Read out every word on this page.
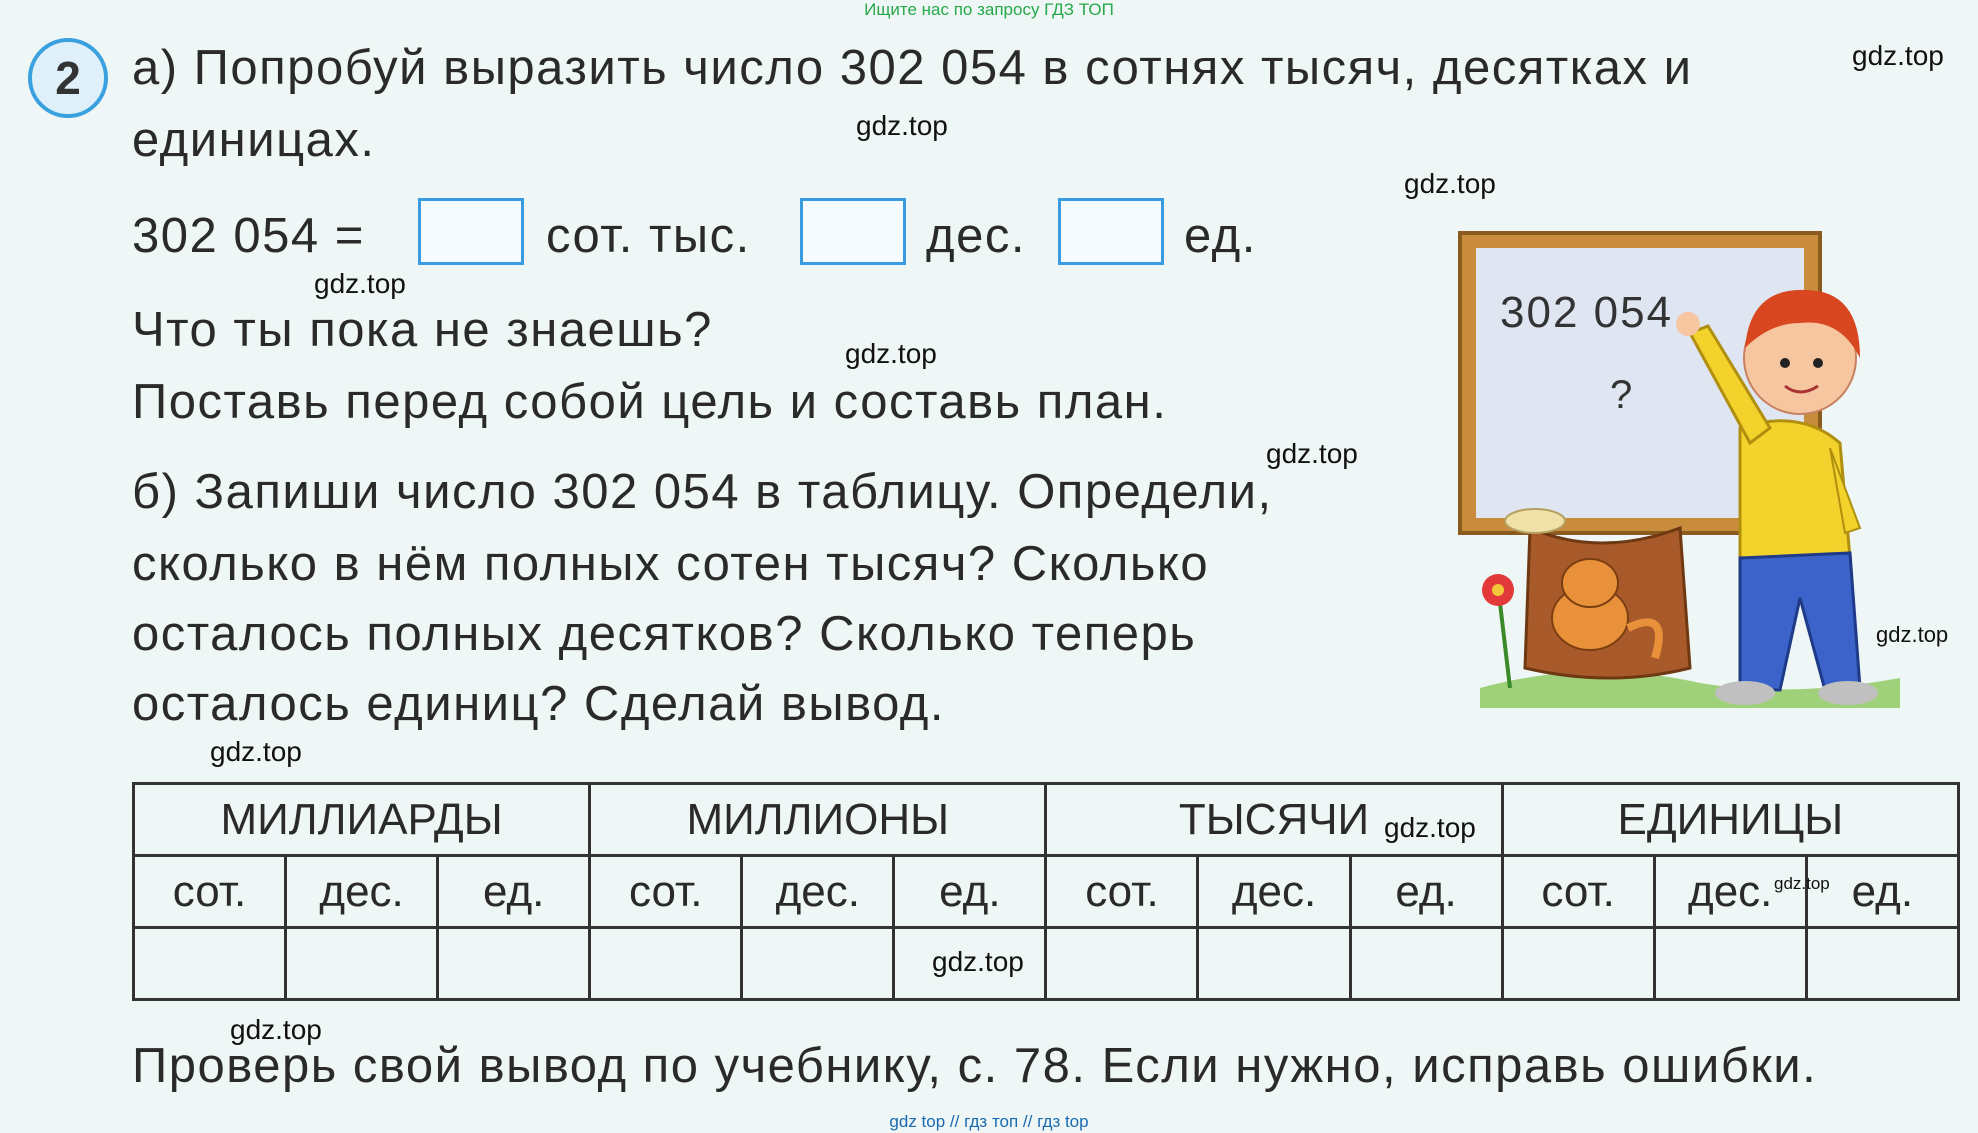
Ищите нас по запросу ГДЗ ТОП
2 а) Попробуй выразить число 302 054 в сотнях тысяч, десятках и
единицах.
302 054 =	сот. тыс.	дес.	ед.
Что ты пока не знаешь?
Поставь перед собой цель и составь план.
б) Запиши число 302 054 в таблицу. Определи,
сколько в нём полных сотен тысяч? Сколько
осталось полных десятков? Сколько теперь
осталось единиц? Сделай вывод.
302 054
?
МИЛЛИАРДЫ			МИЛЛИОНЫ			ТЫСЯЧИ			ЕДИНИЦЫ		
сот.	дес.	ед.	сот.	дес.	ед.	сот.	дес.	ед.	сот.	дес.	ед.

Проверь свой вывод по учебнику, с. 78. Если нужно, исправь ошибки.
gdz.top
gdz.top
gdz.top
gdz.top
gdz.top
gdz.top
gdz.top
gdz.top
gdz.top
gdz.top
gdz.top
gdz.top
gdz top // гдз топ // гдз top
